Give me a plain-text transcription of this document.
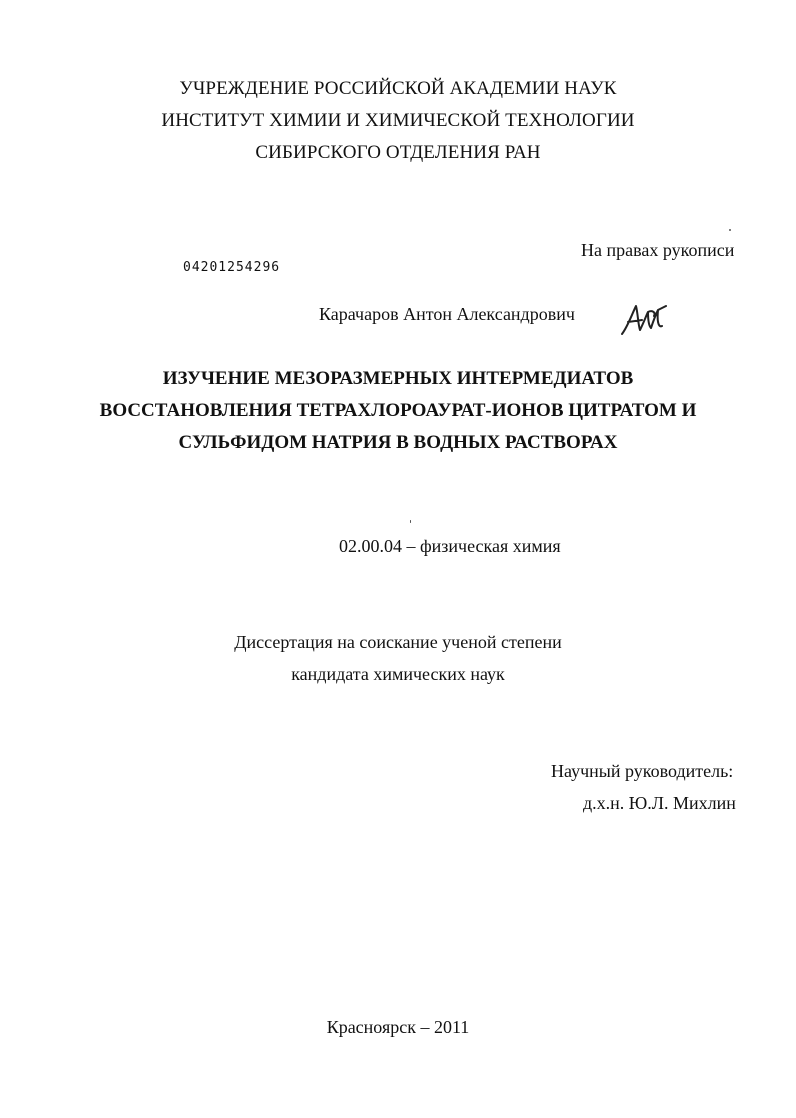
УЧРЕЖДЕНИЕ РОССИЙСКОЙ АКАДЕМИИ НАУК
ИНСТИТУТ ХИМИИ И ХИМИЧЕСКОЙ ТЕХНОЛОГИИ
СИБИРСКОГО ОТДЕЛЕНИЯ РАН
На правах рукописи
04201254296
Карачаров Антон Александрович
ИЗУЧЕНИЕ МЕЗОРАЗМЕРНЫХ ИНТЕРМЕДИАТОВ
ВОССТАНОВЛЕНИЯ ТЕТРАХЛОРОАУРАТ-ИОНОВ ЦИТРАТОМ И
СУЛЬФИДОМ НАТРИЯ В ВОДНЫХ РАСТВОРАХ
02.00.04 – физическая химия
Диссертация на соискание ученой степени
кандидата химических наук
Научный руководитель:
д.х.н. Ю.Л. Михлин
Красноярск – 2011
